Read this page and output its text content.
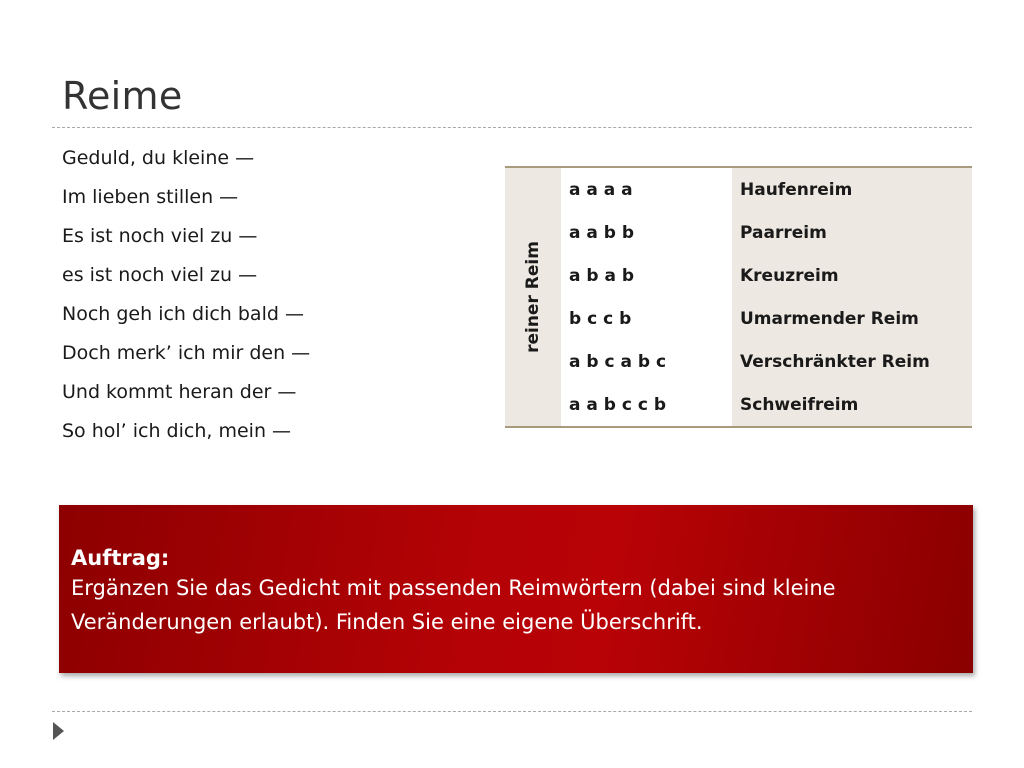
Reime
Geduld, du kleine —
Im lieben stillen —
Es ist noch viel zu —
es ist noch viel zu —
Noch geh ich dich bald —
Doch merk’ ich mir den —
Und kommt heran der —
So hol’ ich dich, mein —
reiner Reim	a a a a	Haufenreim
	a a b b	Paarreim
	a b a b	Kreuzreim
	b c c b	Umarmender Reim
	a b c a b c	Verschränkter Reim
	a a b c c b	Schweifreim
Auftrag:
Ergänzen Sie das Gedicht mit passenden Reimwörtern (dabei sind kleine Veränderungen erlaubt). Finden Sie eine eigene Überschrift.
